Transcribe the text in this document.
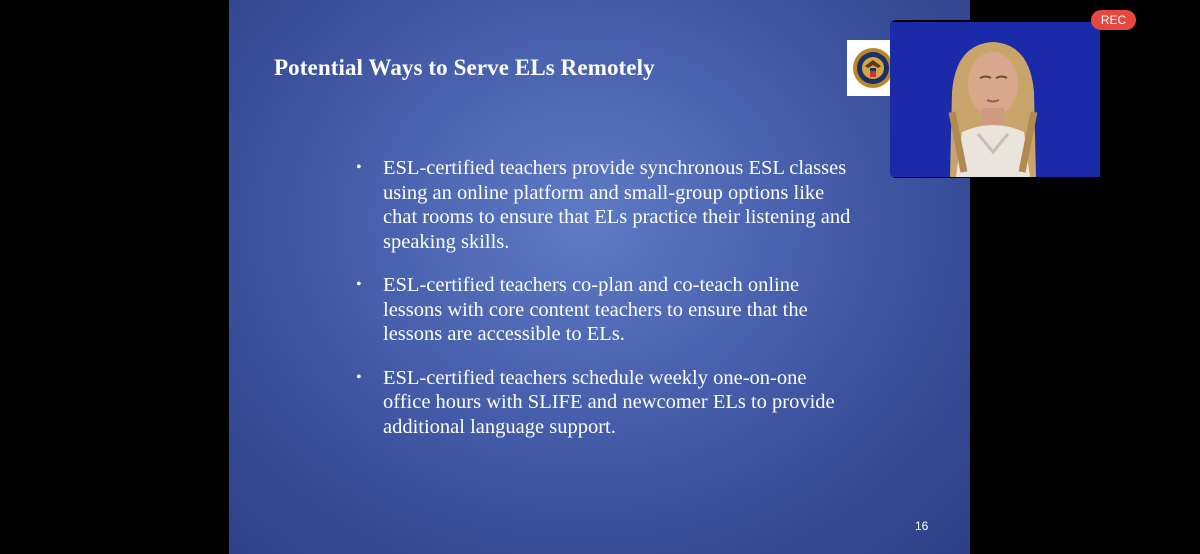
Potential Ways to Serve ELs Remotely
• ESL-certified teachers provide synchronous ESL classes using an online platform and small-group options like chat rooms to ensure that ELs practice their listening and speaking skills.
• ESL-certified teachers co-plan and co-teach online lessons with core content teachers to ensure that the lessons are accessible to ELs.
• ESL-certified teachers schedule weekly one-on-one office hours with SLIFE and newcomer ELs to provide additional language support.
16
REC
